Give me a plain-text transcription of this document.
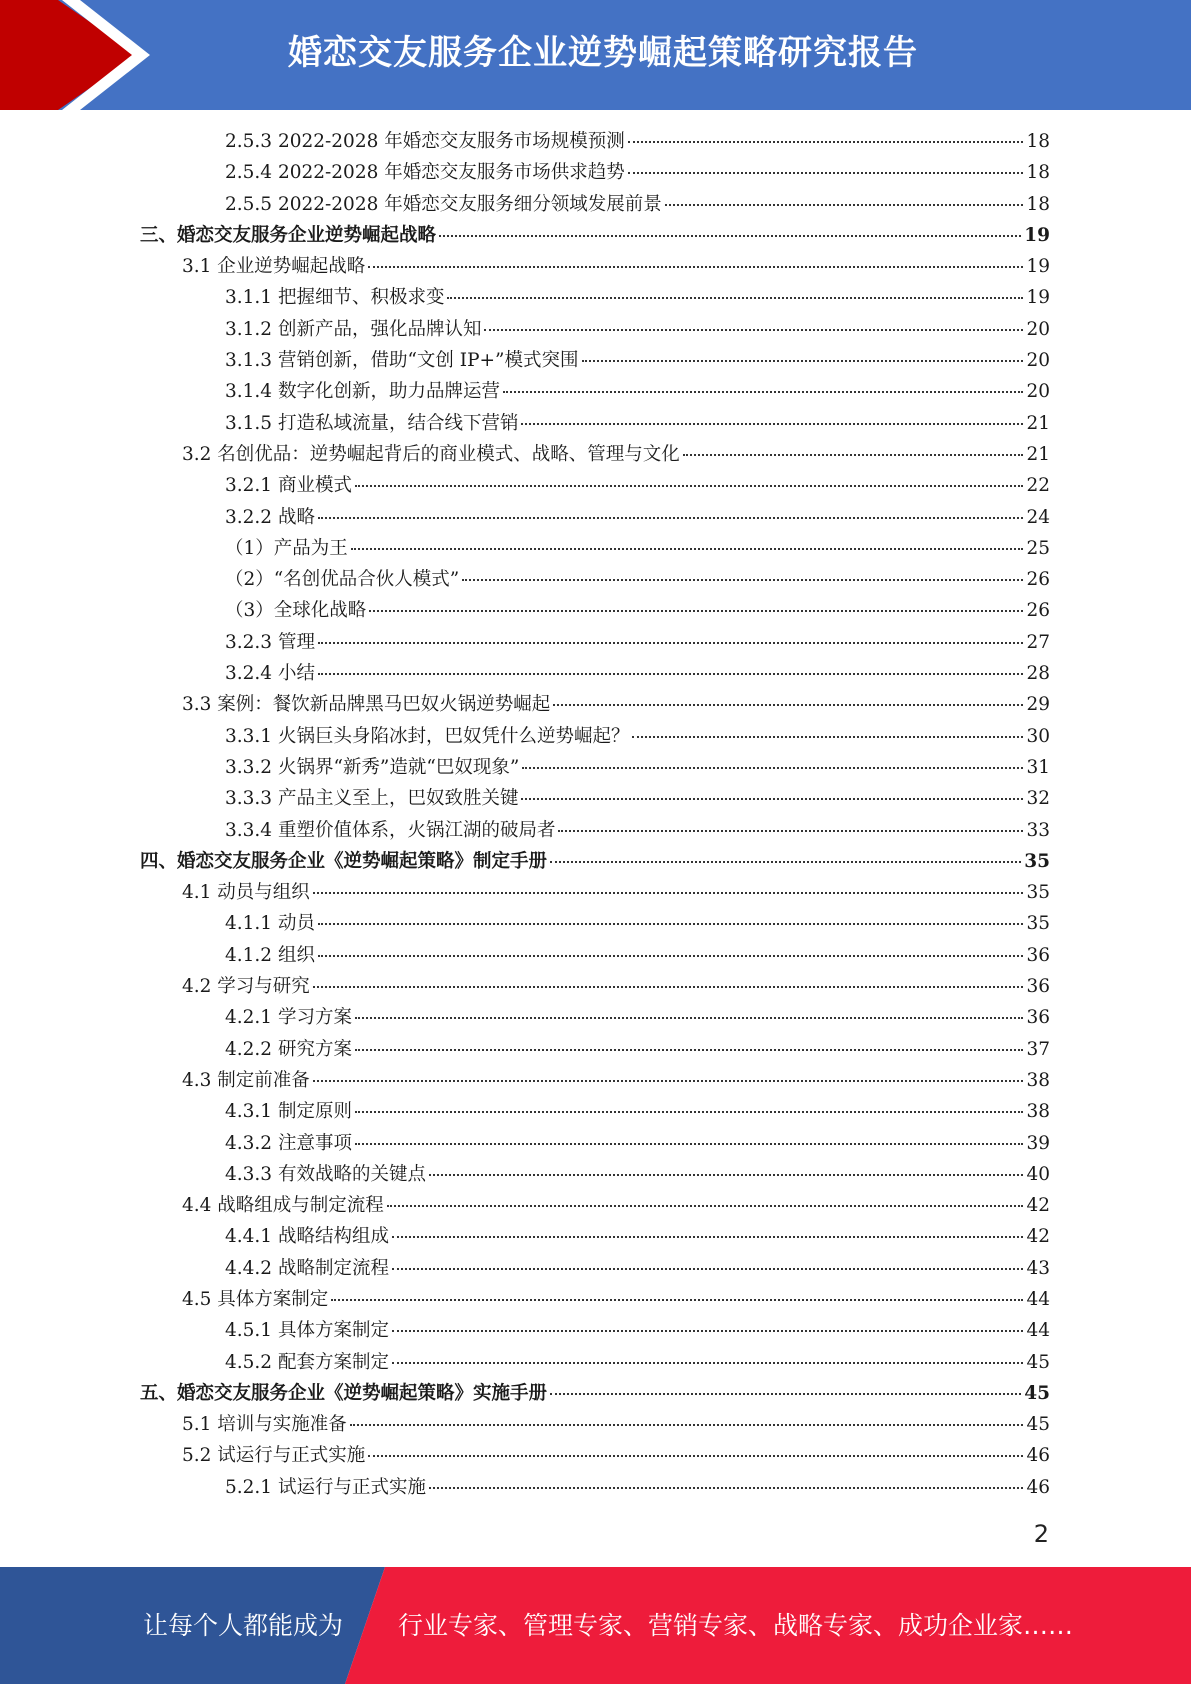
婚恋交友服务企业逆势崛起策略研究报告
2.5.3 2022-2028 年婚恋交友服务市场规模预测	18
2.5.4 2022-2028 年婚恋交友服务市场供求趋势	18
2.5.5 2022-2028 年婚恋交友服务细分领域发展前景	18
三、婚恋交友服务企业逆势崛起战略	19
3.1 企业逆势崛起战略	19
3.1.1 把握细节、积极求变	19
3.1.2 创新产品，强化品牌认知	20
3.1.3 营销创新，借助“文创 IP+”模式突围	20
3.1.4 数字化创新，助力品牌运营	20
3.1.5 打造私域流量，结合线下营销	21
3.2 名创优品：逆势崛起背后的商业模式、战略、管理与文化	21
3.2.1 商业模式	22
3.2.2 战略	24
（1）产品为王	25
（2）“名创优品合伙人模式”	26
（3）全球化战略	26
3.2.3 管理	27
3.2.4 小结	28
3.3 案例：餐饮新品牌黑马巴奴火锅逆势崛起	29
3.3.1 火锅巨头身陷冰封，巴奴凭什么逆势崛起？	30
3.3.2 火锅界“新秀”造就“巴奴现象”	31
3.3.3 产品主义至上，巴奴致胜关键	32
3.3.4 重塑价值体系，火锅江湖的破局者	33
四、婚恋交友服务企业《逆势崛起策略》制定手册	35
4.1 动员与组织	35
4.1.1 动员	35
4.1.2 组织	36
4.2 学习与研究	36
4.2.1 学习方案	36
4.2.2 研究方案	37
4.3 制定前准备	38
4.3.1 制定原则	38
4.3.2 注意事项	39
4.3.3 有效战略的关键点	40
4.4 战略组成与制定流程	42
4.4.1 战略结构组成	42
4.4.2 战略制定流程	43
4.5 具体方案制定	44
4.5.1 具体方案制定	44
4.5.2 配套方案制定	45
五、婚恋交友服务企业《逆势崛起策略》实施手册	45
5.1 培训与实施准备	45
5.2 试运行与正式实施	46
5.2.1 试运行与正式实施	46
2
让每个人都能成为 行业专家、管理专家、营销专家、战略专家、成功企业家……
